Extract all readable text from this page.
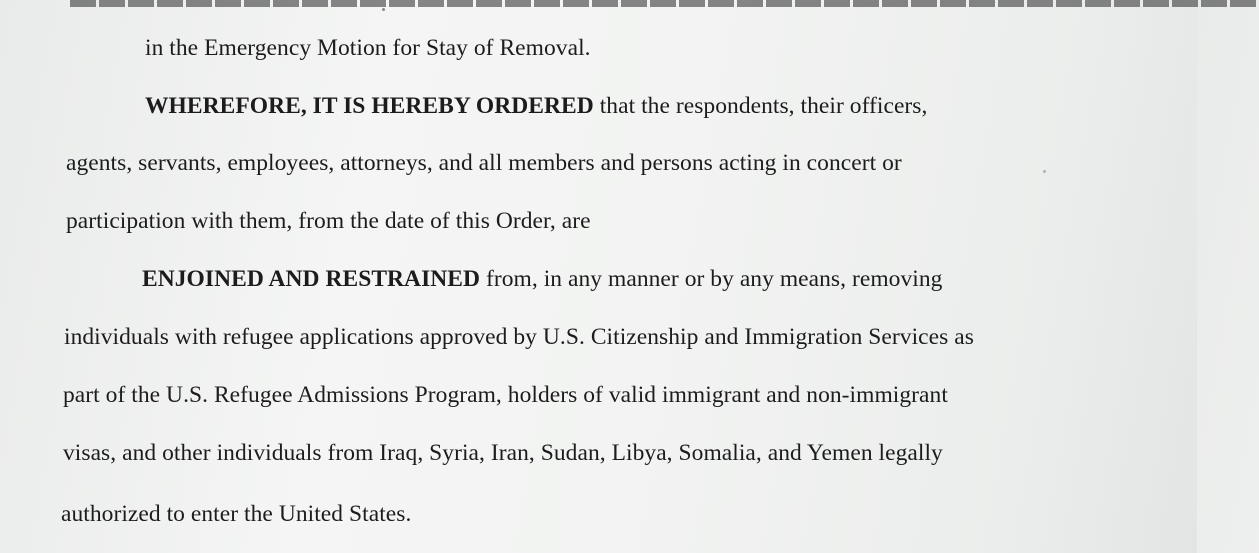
in the Emergency Motion for Stay of Removal.
WHEREFORE, IT IS HEREBY ORDERED that the respondents, their officers,
agents, servants, employees, attorneys, and all members and persons acting in concert or
participation with them, from the date of this Order, are
ENJOINED AND RESTRAINED from, in any manner or by any means, removing
individuals with refugee applications approved by U.S. Citizenship and Immigration Services as
part of the U.S. Refugee Admissions Program, holders of valid immigrant and non-immigrant
visas, and other individuals from Iraq, Syria, Iran, Sudan, Libya, Somalia, and Yemen legally
authorized to enter the United States.
